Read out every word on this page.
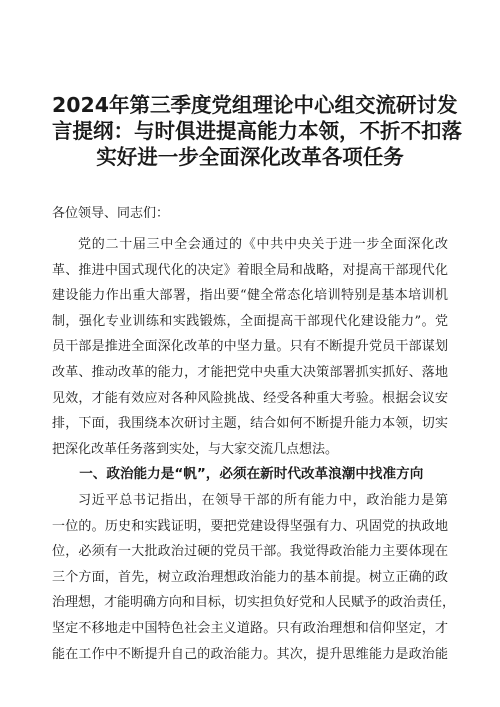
2024年第三季度党组理论中心组交流研讨发
言提纲：与时俱进提高能力本领，不折不扣落
实好进一步全面深化改革各项任务

各位领导、同志们：

党的二十届三中全会通过的《中共中央关于进一步全面深化改
革、推进中国式现代化的决定》着眼全局和战略，对提高干部现代化
建设能力作出重大部署，指出要“健全常态化培训特别是基本培训机
制，强化专业训练和实践锻炼，全面提高干部现代化建设能力”。党
员干部是推进全面深化改革的中坚力量。只有不断提升党员干部谋划
改革、推动改革的能力，才能把党中央重大决策部署抓实抓好、落地
见效，才能有效应对各种风险挑战、经受各种重大考验。根据会议安
排，下面，我围绕本次研讨主题，结合如何不断提升能力本领，切实
把深化改革任务落到实处，与大家交流几点想法。
一、政治能力是“帆”，必须在新时代改革浪潮中找准方向
习近平总书记指出，在领导干部的所有能力中，政治能力是第
一位的。历史和实践证明，要把党建设得坚强有力、巩固党的执政地
位，必须有一大批政治过硬的党员干部。我觉得政治能力主要体现在
三个方面，首先，树立政治理想政治能力的基本前提。树立正确的政
治理想，才能明确方向和目标，切实担负好党和人民赋予的政治责任，
坚定不移地走中国特色社会主义道路。只有政治理想和信仰坚定，才
能在工作中不断提升自己的政治能力。其次，提升思维能力是政治能
